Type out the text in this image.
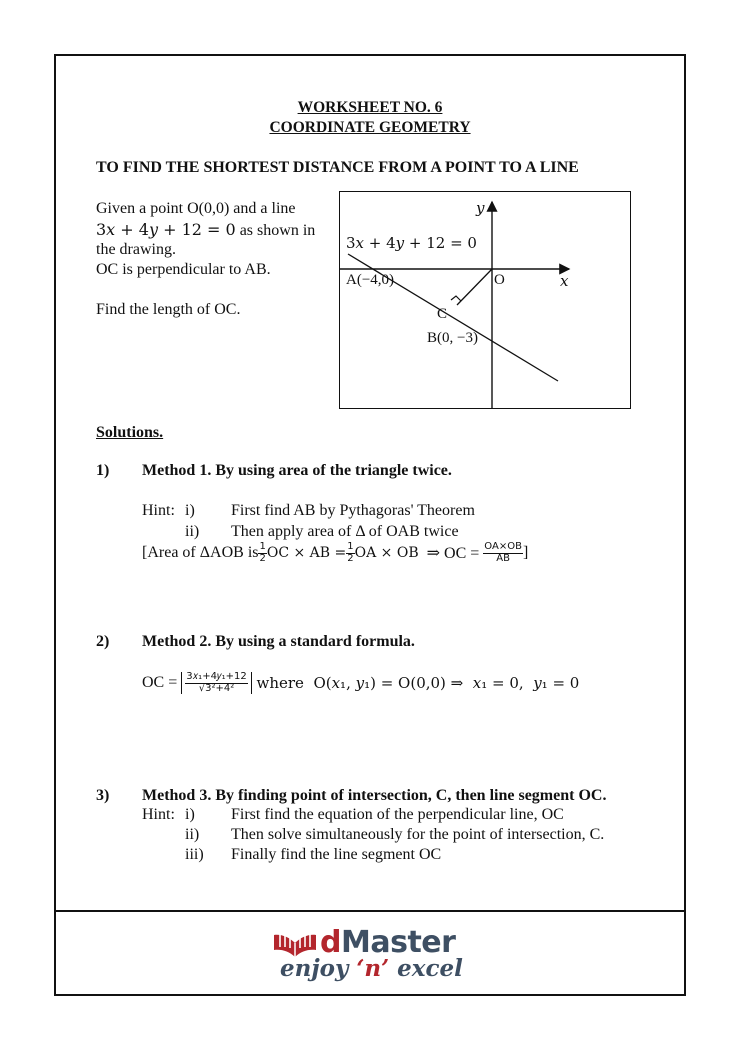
WORKSHEET NO. 6
COORDINATE GEOMETRY
TO FIND THE SHORTEST DISTANCE FROM A POINT TO A LINE
Given a point O(0,0) and a line
3𝑥 + 4𝑦 + 12 = 0 as shown in
the drawing.
OC is perpendicular to AB.
Find the length of OC.
𝑦
3𝑥 + 4𝑦 + 12 = 0
A(−4,0)	O	𝑥
C
B(0, −3)
Solutions.
1) Method 1. By using area of the triangle twice.
Hint: i) First find AB by Pythagoras' Theorem
ii) Then apply area of Δ of OAB twice
[Area of ΔAOB is $\frac{1}{2}$ OC × AB = $\frac{1}{2}$ OA × OB ⇒ OC = $\frac{OA\times OB}{AB}$ ]
2) Method 2. By using a standard formula.
OC = $\frac{\text{3𝑥₁+4𝑦₁+12}}{\text{√3²+4²}}$ where  O(𝑥₁, 𝑦₁) = O(0,0) ⇒  𝑥₁ = 0,  𝑦₁ = 0
3) Method 3. By finding point of intersection, C, then line segment OC.
Hint: i) First find the equation of the perpendicular line, OC
ii) Then solve simultaneously for the point of intersection, C.
iii) Finally find the line segment OC
dMaster
enjoy ‘n’ excel
